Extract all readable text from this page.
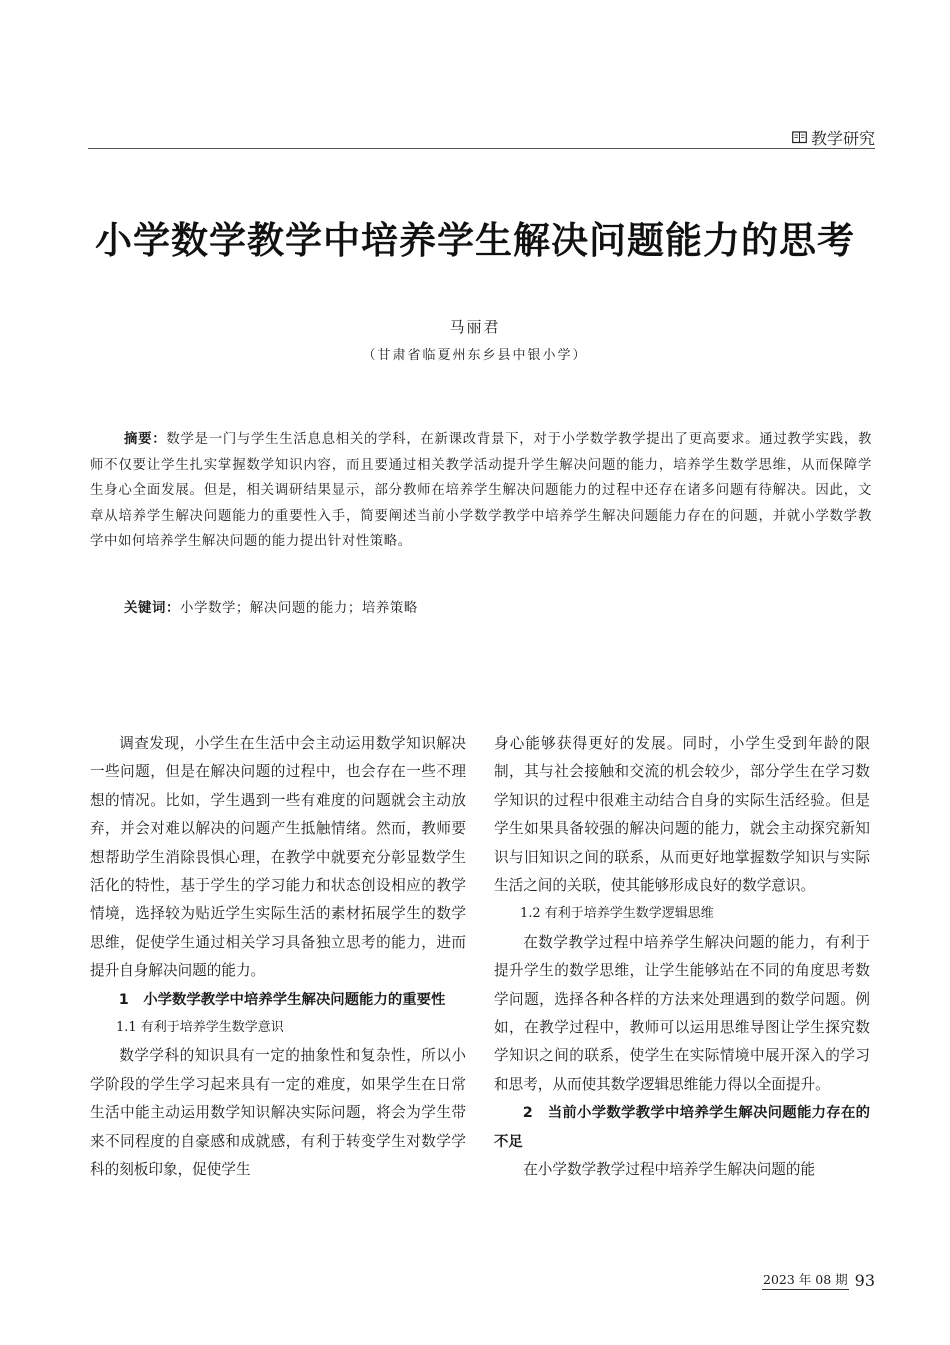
教学研究
小学数学教学中培养学生解决问题能力的思考
马丽君
（甘肃省临夏州东乡县中银小学）
摘要：数学是一门与学生生活息息相关的学科，在新课改背景下，对于小学数学教学提出了更高要求。通过教学实践，教师不仅要让学生扎实掌握数学知识内容，而且要通过相关教学活动提升学生解决问题的能力，培养学生数学思维，从而保障学生身心全面发展。但是，相关调研结果显示，部分教师在培养学生解决问题能力的过程中还存在诸多问题有待解决。因此，文章从培养学生解决问题能力的重要性入手，简要阐述当前小学数学教学中培养学生解决问题能力存在的问题，并就小学数学教学中如何培养学生解决问题的能力提出针对性策略。
关键词：小学数学；解决问题的能力；培养策略

调查发现，小学生在生活中会主动运用数学知识解决一些问题，但是在解决问题的过程中，也会存在一些不理想的情况。比如，学生遇到一些有难度的问题就会主动放弃，并会对难以解决的问题产生抵触情绪。然而，教师要想帮助学生消除畏惧心理，在教学中就要充分彰显数学生活化的特性，基于学生的学习能力和状态创设相应的教学情境，选择较为贴近学生实际生活的素材拓展学生的数学思维，促使学生通过相关学习具备独立思考的能力，进而提升自身解决问题的能力。

1　小学数学教学中培养学生解决问题能力的重要性
1.1 有利于培养学生数学意识

数学学科的知识具有一定的抽象性和复杂性，所以小学阶段的学生学习起来具有一定的难度，如果学生在日常生活中能主动运用数学知识解决实际问题，将会为学生带来不同程度的自豪感和成就感，有利于转变学生对数学学科的刻板印象，促使学生

身心能够获得更好的发展。同时，小学生受到年龄的限制，其与社会接触和交流的机会较少，部分学生在学习数学知识的过程中很难主动结合自身的实际生活经验。但是学生如果具备较强的解决问题的能力，就会主动探究新知识与旧知识之间的联系，从而更好地掌握数学知识与实际生活之间的关联，使其能够形成良好的数学意识。

1.2 有利于培养学生数学逻辑思维

在数学教学过程中培养学生解决问题的能力，有利于提升学生的数学思维，让学生能够站在不同的角度思考数学问题，选择各种各样的方法来处理遇到的数学问题。例如，在教学过程中，教师可以运用思维导图让学生探究数学知识之间的联系，使学生在实际情境中展开深入的学习和思考，从而使其数学逻辑思维能力得以全面提升。

2　当前小学数学教学中培养学生解决问题能力存在的不足

在小学数学教学过程中培养学生解决问题的能

2023 年 08 期 93
